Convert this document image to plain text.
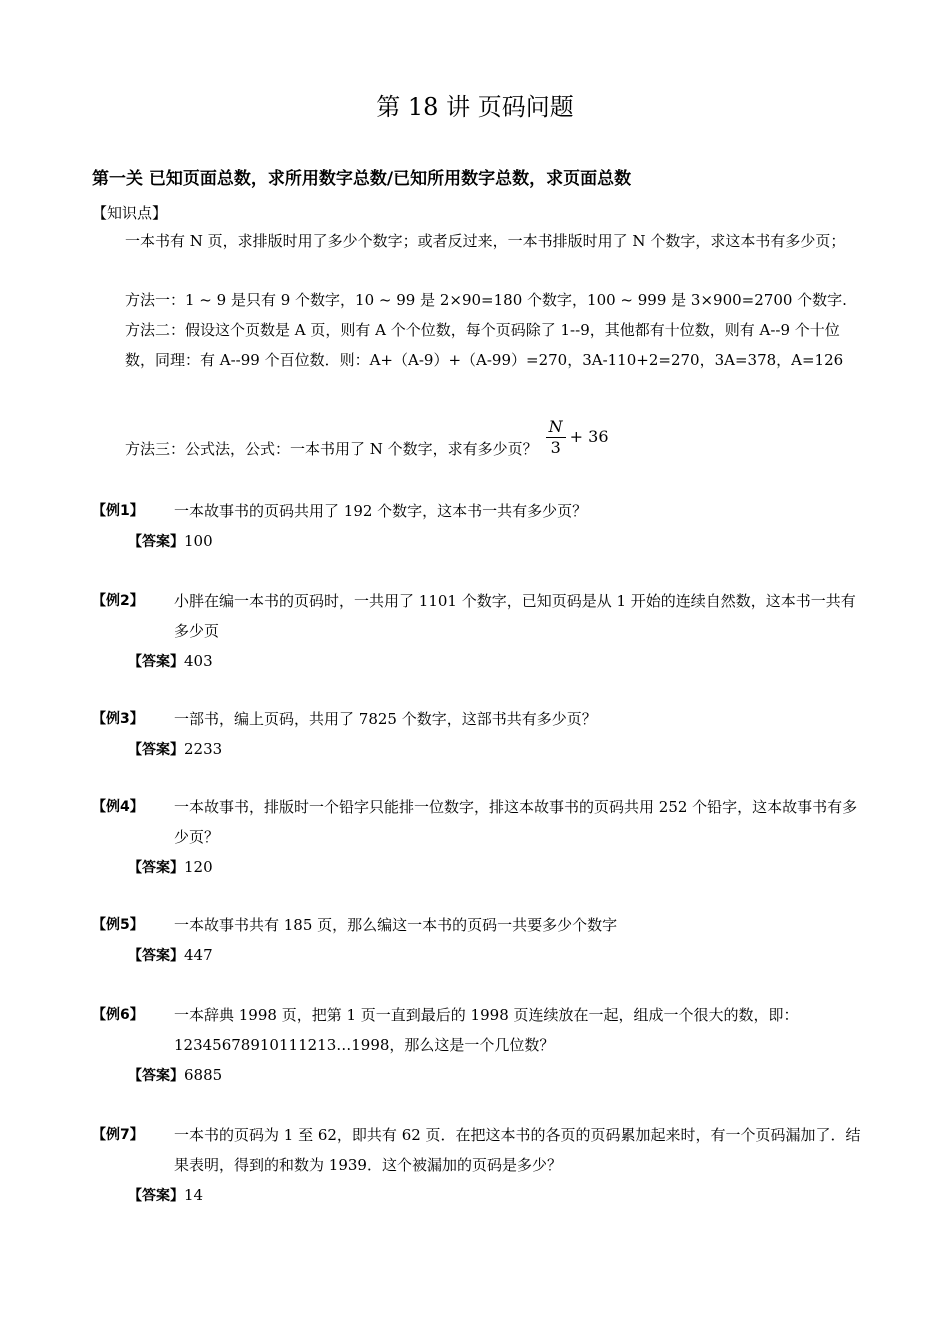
第 18 讲 页码问题
第一关 已知页面总数，求所用数字总数/已知所用数字总数，求页面总数
【知识点】

一本书有 N 页，求排版时用了多少个数字；或者反过来，一本书排版时用了 N 个数字，求这本书有多少页；

方法一：1 ~ 9 是只有 9 个数字，10 ~ 99 是 2×90=180 个数字，100 ~ 999 是 3×900=2700 个数字.

方法二：假设这个页数是 A 页，则有 A 个个位数，每个页码除了 1--9，其他都有十位数，则有 A--9 个十位数，同理：有 A--99 个百位数．则：A+（A-9）+（A-99）=270，3A-110+2=270，3A=378，A=126

方法三：公式法，公式：一本书用了 N 个数字，求有多少页？ $\frac{N}{3} + 36$
【例1】	一本故事书的页码共用了 192 个数字，这本书一共有多少页？
【答案】100
【例2】	小胖在编一本书的页码时，一共用了 1101 个数字，已知页码是从 1 开始的连续自然数，这本书一共有多少页
【答案】403
【例3】	一部书，编上页码，共用了 7825 个数字，这部书共有多少页？
【答案】2233
【例4】	一本故事书，排版时一个铅字只能排一位数字，排这本故事书的页码共用 252 个铅字，这本故事书有多少页？
【答案】120
【例5】	一本故事书共有 185 页，那么编这一本书的页码一共要多少个数字
【答案】447
【例6】	一本辞典 1998 页，把第 1 页一直到最后的 1998 页连续放在一起，组成一个很大的数，即：12345678910111213…1998，那么这是一个几位数？
【答案】6885
【例7】	一本书的页码为 1 至 62，即共有 62 页．在把这本书的各页的页码累加起来时，有一个页码漏加了．结果表明，得到的和数为 1939．这个被漏加的页码是多少？
【答案】14
